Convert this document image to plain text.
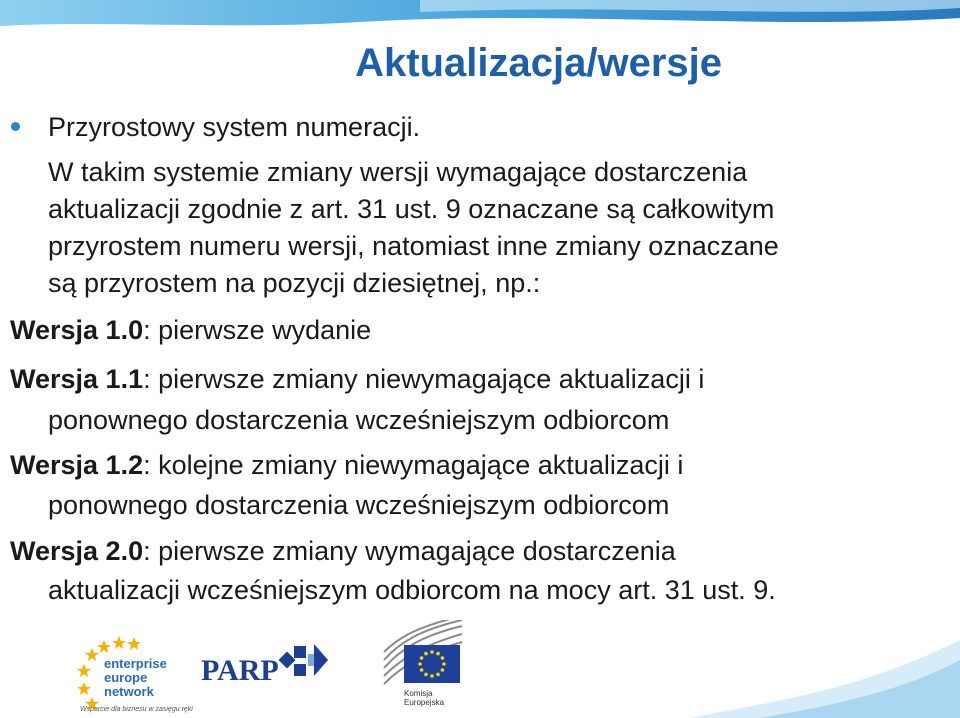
Aktualizacja/wersje
Przyrostowy system numeracji.
W takim systemie zmiany wersji wymagające dostarczenia
aktualizacji zgodnie z art. 31 ust. 9 oznaczane są całkowitym
przyrostem numeru wersji, natomiast inne zmiany oznaczane
są przyrostem na pozycji dziesiętnej, np.:
Wersja 1.0: pierwsze wydanie
Wersja 1.1: pierwsze zmiany niewymagające aktualizacji i
ponownego dostarczenia wcześniejszym odbiorcom
Wersja 1.2: kolejne zmiany niewymagające aktualizacji i
ponownego dostarczenia wcześniejszym odbiorcom
Wersja 2.0: pierwsze zmiany wymagające dostarczenia
aktualizacji wcześniejszym odbiorcom na mocy art. 31 ust. 9.
enterprise
europe
network
PARP
Komisja
Europejska
Wsparcie dla biznesu w zasięgu ręki
